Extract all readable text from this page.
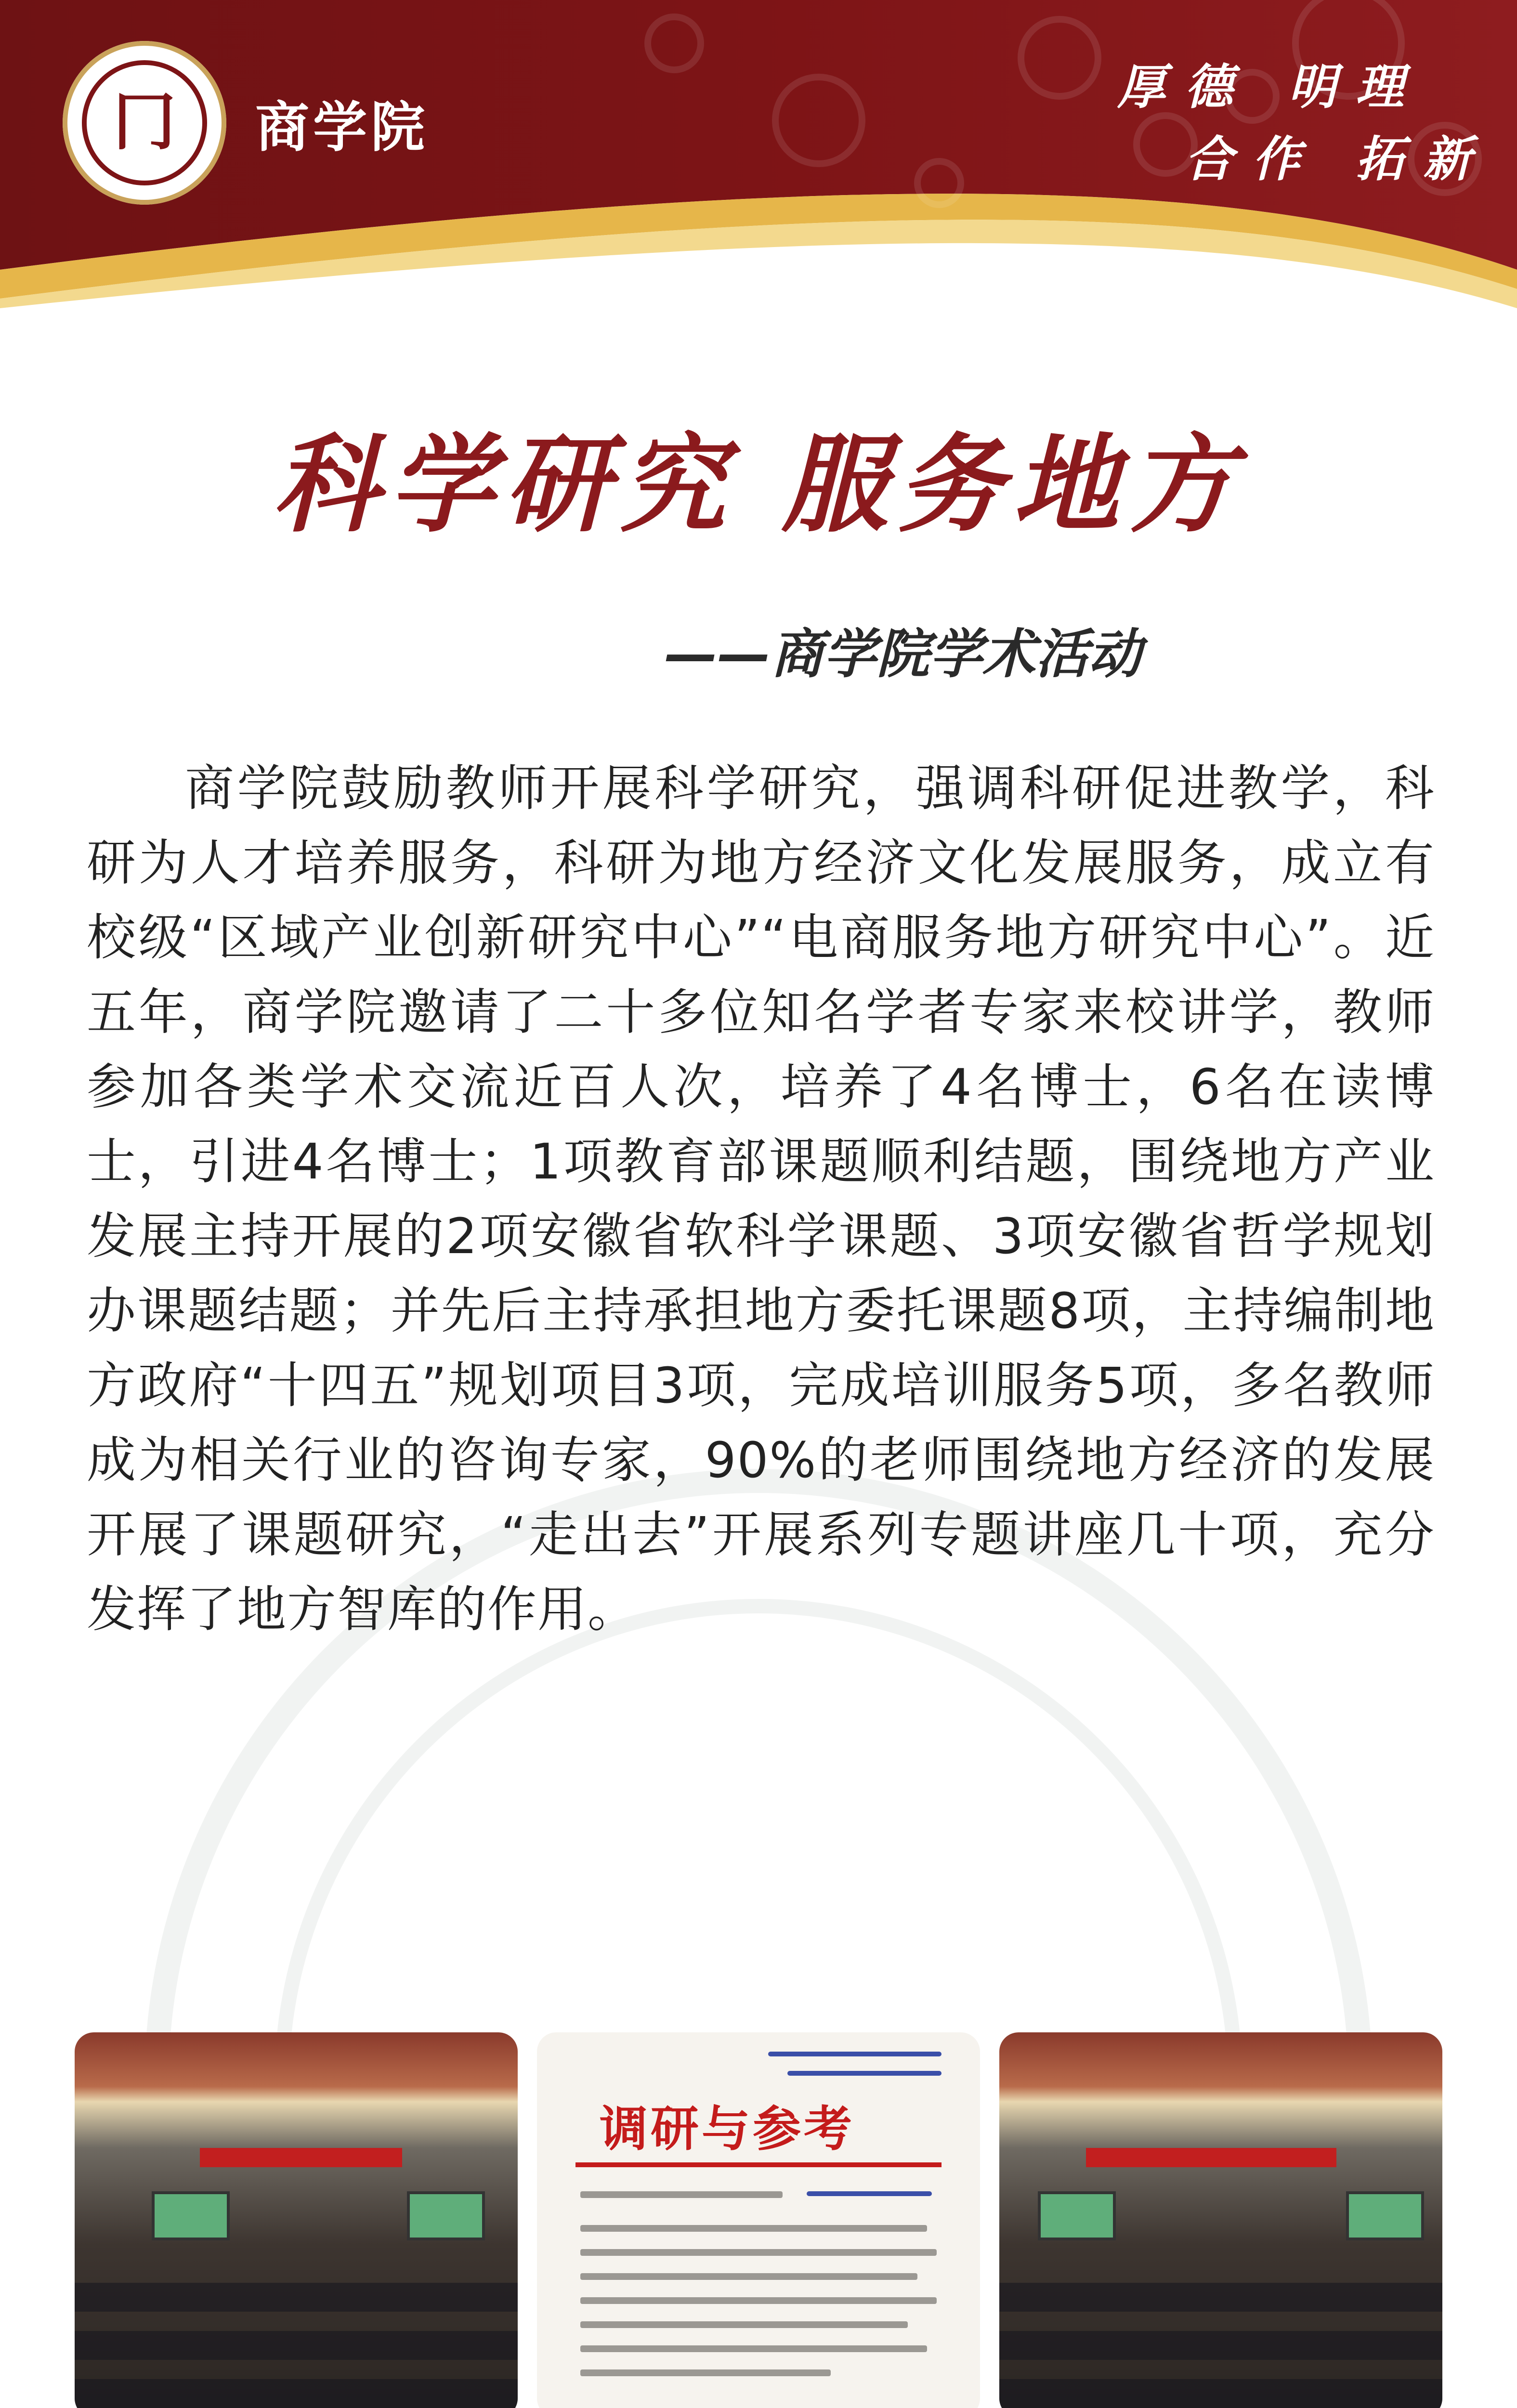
冂 商学院
厚德 明理
合作 拓新
科学研究 服务地方
——商学院学术活动
商学院鼓励教师开展科学研究，强调科研促进教学，科研为人才培养服务，科研为地方经济文化发展服务，成立有校级“区域产业创新研究中心”“电商服务地方研究中心”。近五年，商学院邀请了二十多位知名学者专家来校讲学，教师参加各类学术交流近百人次，培养了4名博士，6名在读博士，引进4名博士；1项教育部课题顺利结题，围绕地方产业发展主持开展的2项安徽省软科学课题、3项安徽省哲学规划办课题结题；并先后主持承担地方委托课题8项，主持编制地方政府“十四五”规划项目3项，完成培训服务5项，多名教师成为相关行业的咨询专家，90%的老师围绕地方经济的发展开展了课题研究，“走出去”开展系列专题讲座几十项，充分发挥了地方智库的作用。
调研与参考
